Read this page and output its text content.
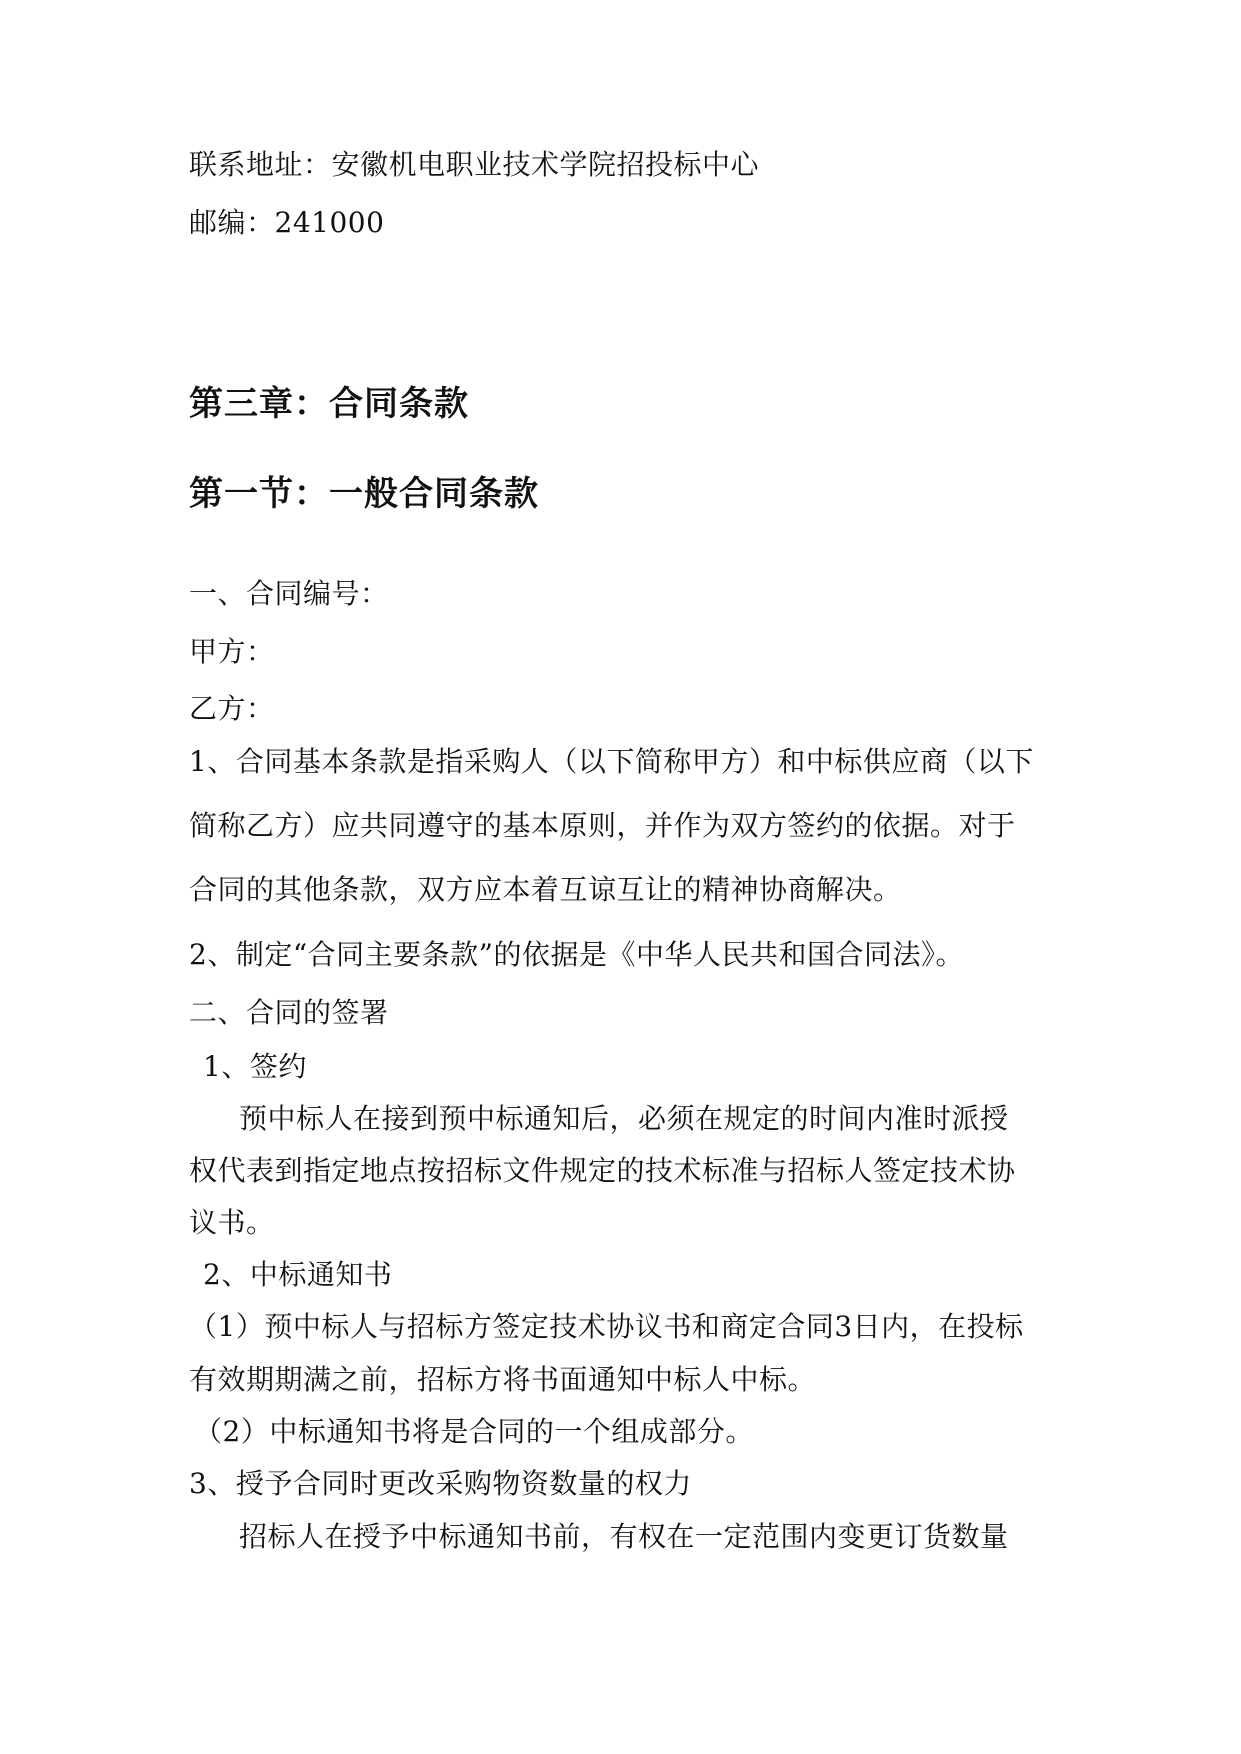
联系地址：安徽机电职业技术学院招投标中心
邮编：241000
第三章：合同条款
第一节：一般合同条款
一、合同编号：
甲方：
乙方：
1、合同基本条款是指采购人（以下简称甲方）和中标供应商（以下
简称乙方）应共同遵守的基本原则，并作为双方签约的依据。对于
合同的其他条款，双方应本着互谅互让的精神协商解决。
2、制定“合同主要条款”的依据是《中华人民共和国合同法》。
二、合同的签署
1、签约
预中标人在接到预中标通知后，必须在规定的时间内准时派授
权代表到指定地点按招标文件规定的技术标准与招标人签定技术协
议书。
2、中标通知书
（1）预中标人与招标方签定技术协议书和商定合同3日内，在投标
有效期期满之前，招标方将书面通知中标人中标。
（2）中标通知书将是合同的一个组成部分。
3、授予合同时更改采购物资数量的权力
招标人在授予中标通知书前，有权在一定范围内变更订货数量
